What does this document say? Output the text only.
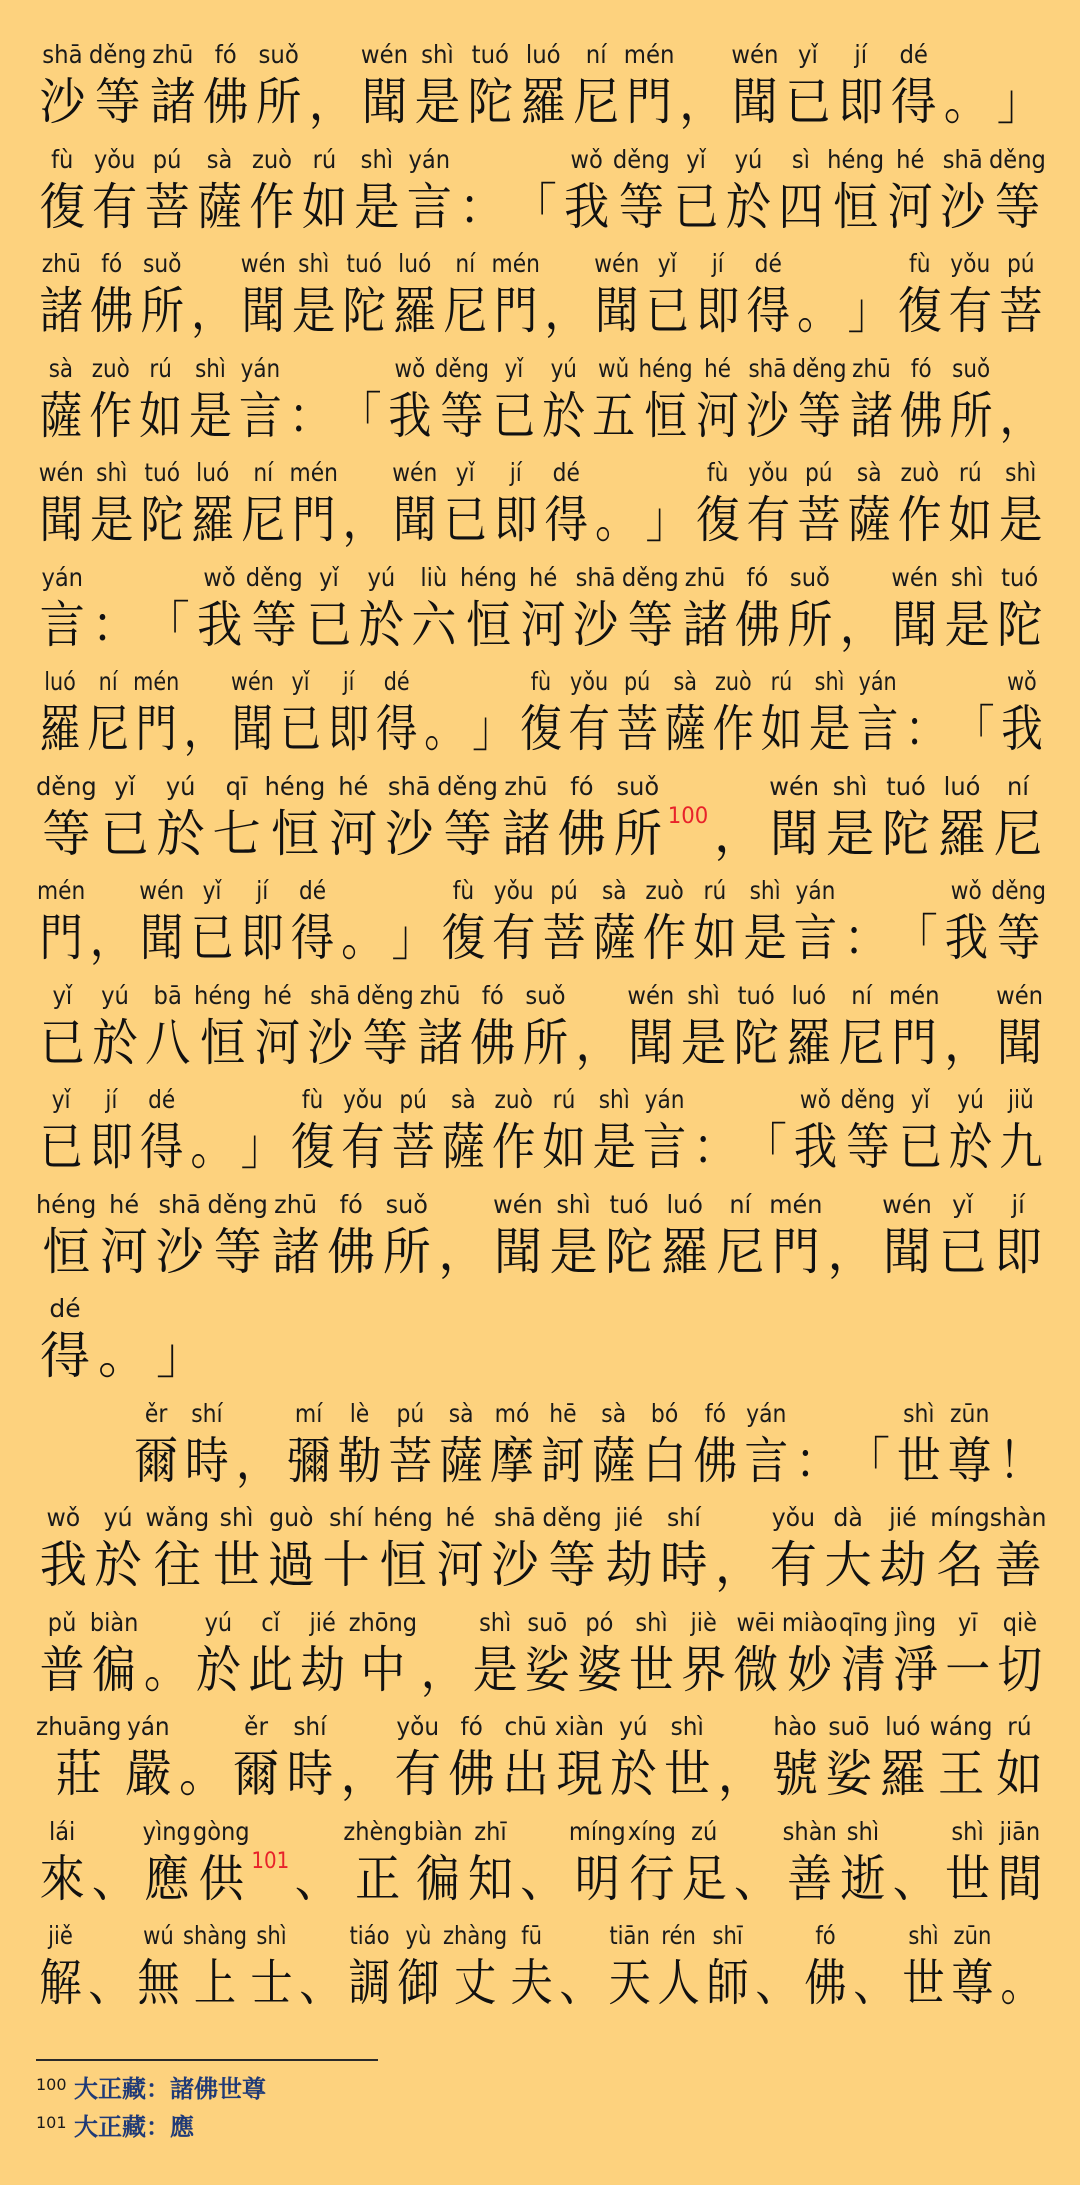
shā
沙
děng
等
zhū
諸
fó
佛
suǒ
所 ，
wén
聞
shì
是
tuó
陀
luó
羅
ní
尼
mén
門 ，
wén
聞
yǐ
已
jí
即
dé
得 。 」
fù
復
yǒu
有
pú
菩
sà
薩
zuò
作
rú
如
shì
是
yán
言 ： 「
wǒ
我
děng
等
yǐ
已
yú
於
sì
四
héng
恒
hé
河
shā
沙
děng
等
zhū
諸
fó
佛
suǒ
所 ，
wén
聞
shì
是
tuó
陀
luó
羅
ní
尼
mén
門 ，
wén
聞
yǐ
已
jí
即
dé
得 。 」
fù
復
yǒu
有
pú
菩
sà
薩
zuò
作
rú
如
shì
是
yán
言 ： 「
wǒ
我
děng
等
yǐ
已
yú
於
wǔ
五
héng
恒
hé
河
shā
沙
děng
等
zhū
諸
fó
佛
suǒ
所 ，
wén
聞
shì
是
tuó
陀
luó
羅
ní
尼
mén
門 ，
wén
聞
yǐ
已
jí
即
dé
得 。 」
fù
復
yǒu
有
pú
菩
sà
薩
zuò
作
rú
如
shì
是
yán
言 ： 「
wǒ
我
děng
等
yǐ
已
yú
於
liù
六
héng
恒
hé
河
shā
沙
děng
等
zhū
諸
fó
佛
suǒ
所 ，
wén
聞
shì
是
tuó
陀
luó
羅
ní
尼
mén
門 ，
wén
聞
yǐ
已
jí
即
dé
得 。 」
fù
復
yǒu
有
pú
菩
sà
薩
zuò
作
rú
如
shì
是
yán
言 ： 「
wǒ
我
děng
等
yǐ
已
yú
於
qī
七
héng
恒
hé
河
shā
沙
děng
等
zhū
諸
fó
佛
suǒ
所
100 ，
wén
聞
shì
是
tuó
陀
luó
羅
ní
尼
mén
門 ，
wén
聞
yǐ
已
jí
即
dé
得 。 」
fù
復
yǒu
有
pú
菩
sà
薩
zuò
作
rú
如
shì
是
yán
言 ： 「
wǒ
我
děng
等
yǐ
已
yú
於
bā
八
héng
恒
hé
河
shā
沙
děng
等
zhū
諸
fó
佛
suǒ
所 ，
wén
聞
shì
是
tuó
陀
luó
羅
ní
尼
mén
門 ，
wén
聞
yǐ
已
jí
即
dé
得 。 」
fù
復
yǒu
有
pú
菩
sà
薩
zuò
作
rú
如
shì
是
yán
言 ： 「
wǒ
我
děng
等
yǐ
已
yú
於
jiǔ
九
héng
恒
hé
河
shā
沙
děng
等
zhū
諸
fó
佛
suǒ
所 ，
wén
聞
shì
是
tuó
陀
luó
羅
ní
尼
mén
門 ，
wén
聞
yǐ
已
jí
即
dé
得 。 」
ěr
爾
shí
時 ，
mí
彌
lè
勒
pú
菩
sà
薩
mó
摩
hē
訶
sà
薩
bó
白
fó
佛
yán
言 ： 「
shì
世
zūn
尊 ！
wǒ
我
yú
於
wǎng
往
shì
世
guò
過
shí
十
héng
恒
hé
河
shā
沙
děng
等
jié
劫
shí
時 ，
yǒu
有
dà
大
jié
劫
míng
名
shàn
善
pǔ
普
biàn
徧 。
yú
於
cǐ
此
jié
劫
zhōng
中 ，
shì
是
suō
娑
pó
婆
shì
世
jiè
界
wēi
微
miào
妙
qīng
清
jìng
淨
yī
一
qiè
切
zhuāng
莊
yán
嚴 。
ěr
爾
shí
時 ，
yǒu
有
fó
佛
chū
出
xiàn
現
yú
於
shì
世 ，
hào
號
suō
娑
luó
羅
wáng
王
rú
如
lái
來 、
yìng
應
gòng
供
101 、
zhèng
正
biàn
徧
zhī
知 、
míng
明
xíng
行
zú
足 、
shàn
善
shì
逝 、
shì
世
jiān
間
jiě
解 、
wú
無
shàng
上
shì
士 、
tiáo
調
yù
御
zhàng
丈
fū
夫 、
tiān
天
rén
人
shī
師 、
fó
佛 、
shì
世
zūn
尊 。
100 大正藏：諸佛世尊
101 大正藏：應
